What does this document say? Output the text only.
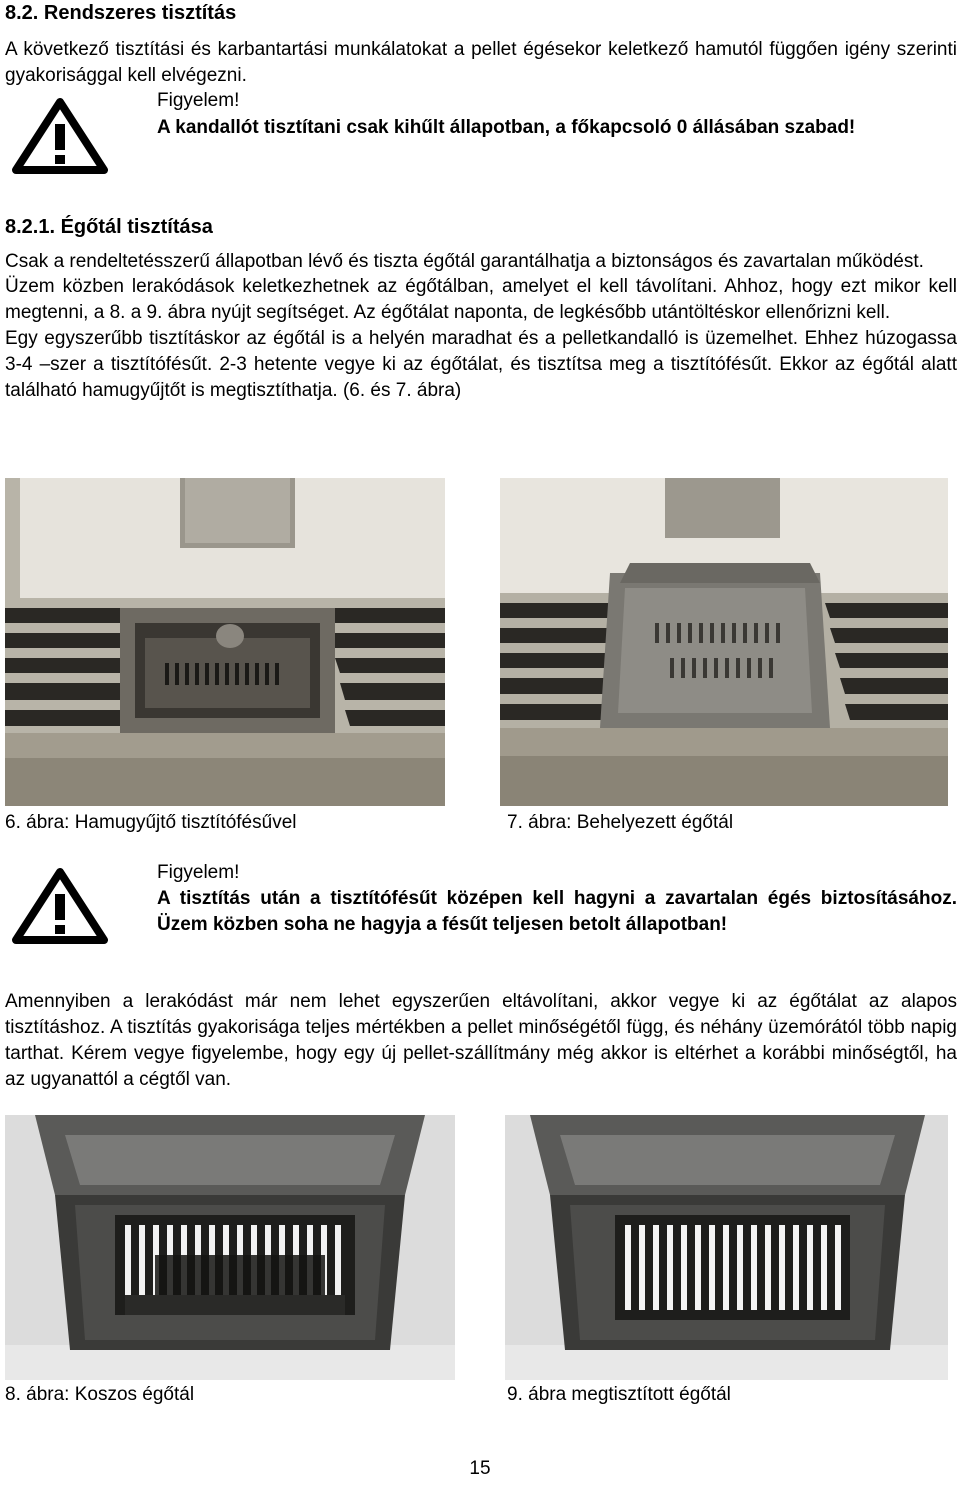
8.2. Rendszeres tisztítás
A következő tisztítási és karbantartási munkálatokat a pellet égésekor keletkező hamutól függően igény szerinti gyakorisággal kell elvégezni.
Figyelem!
A kandallót tisztítani csak kihűlt állapotban, a főkapcsoló 0 állásában szabad!
8.2.1. Égőtál tisztítása

Csak a rendeltetésszerű állapotban lévő és tiszta égőtál garantálhatja a biztonságos és zavartalan működést.

Üzem közben lerakódások keletkezhetnek az égőtálban, amelyet el kell távolítani. Ahhoz, hogy ezt mikor kell megtenni, a 8. a 9. ábra nyújt segítséget. Az égőtálat naponta, de legkésőbb utántöltéskor ellenőrizni kell.

Egy egyszerűbb tisztításkor az égőtál is a helyén maradhat és a pelletkandalló is üzemelhet. Ehhez húzogassa 3-4 –szer a tisztítófésűt. 2-3 hetente vegye ki az égőtálat, és tisztítsa meg a tisztítófésűt. Ekkor az égőtál alatt található hamugyűjtőt is megtisztíthatja. (6. és 7. ábra)

6. ábra: Hamugyűjtő tisztítófésűvel	7. ábra: Behelyezett égőtál
Figyelem!
A tisztítás után a tisztítófésűt középen kell hagyni a zavartalan égés biztosításához. Üzem közben soha ne hagyja a fésűt teljesen betolt állapotban!
Amennyiben a lerakódást már nem lehet egyszerűen eltávolítani, akkor vegye ki az égőtálat az alapos tisztításhoz. A tisztítás gyakorisága teljes mértékben a pellet minőségétől függ, és néhány üzemórától több napig tarthat. Kérem vegye figyelembe, hogy egy új pellet-szállítmány még akkor is eltérhet a korábbi minőségtől, ha az ugyanattól a cégtől van.
8. ábra: Koszos égőtál	9. ábra megtisztított égőtál
15
